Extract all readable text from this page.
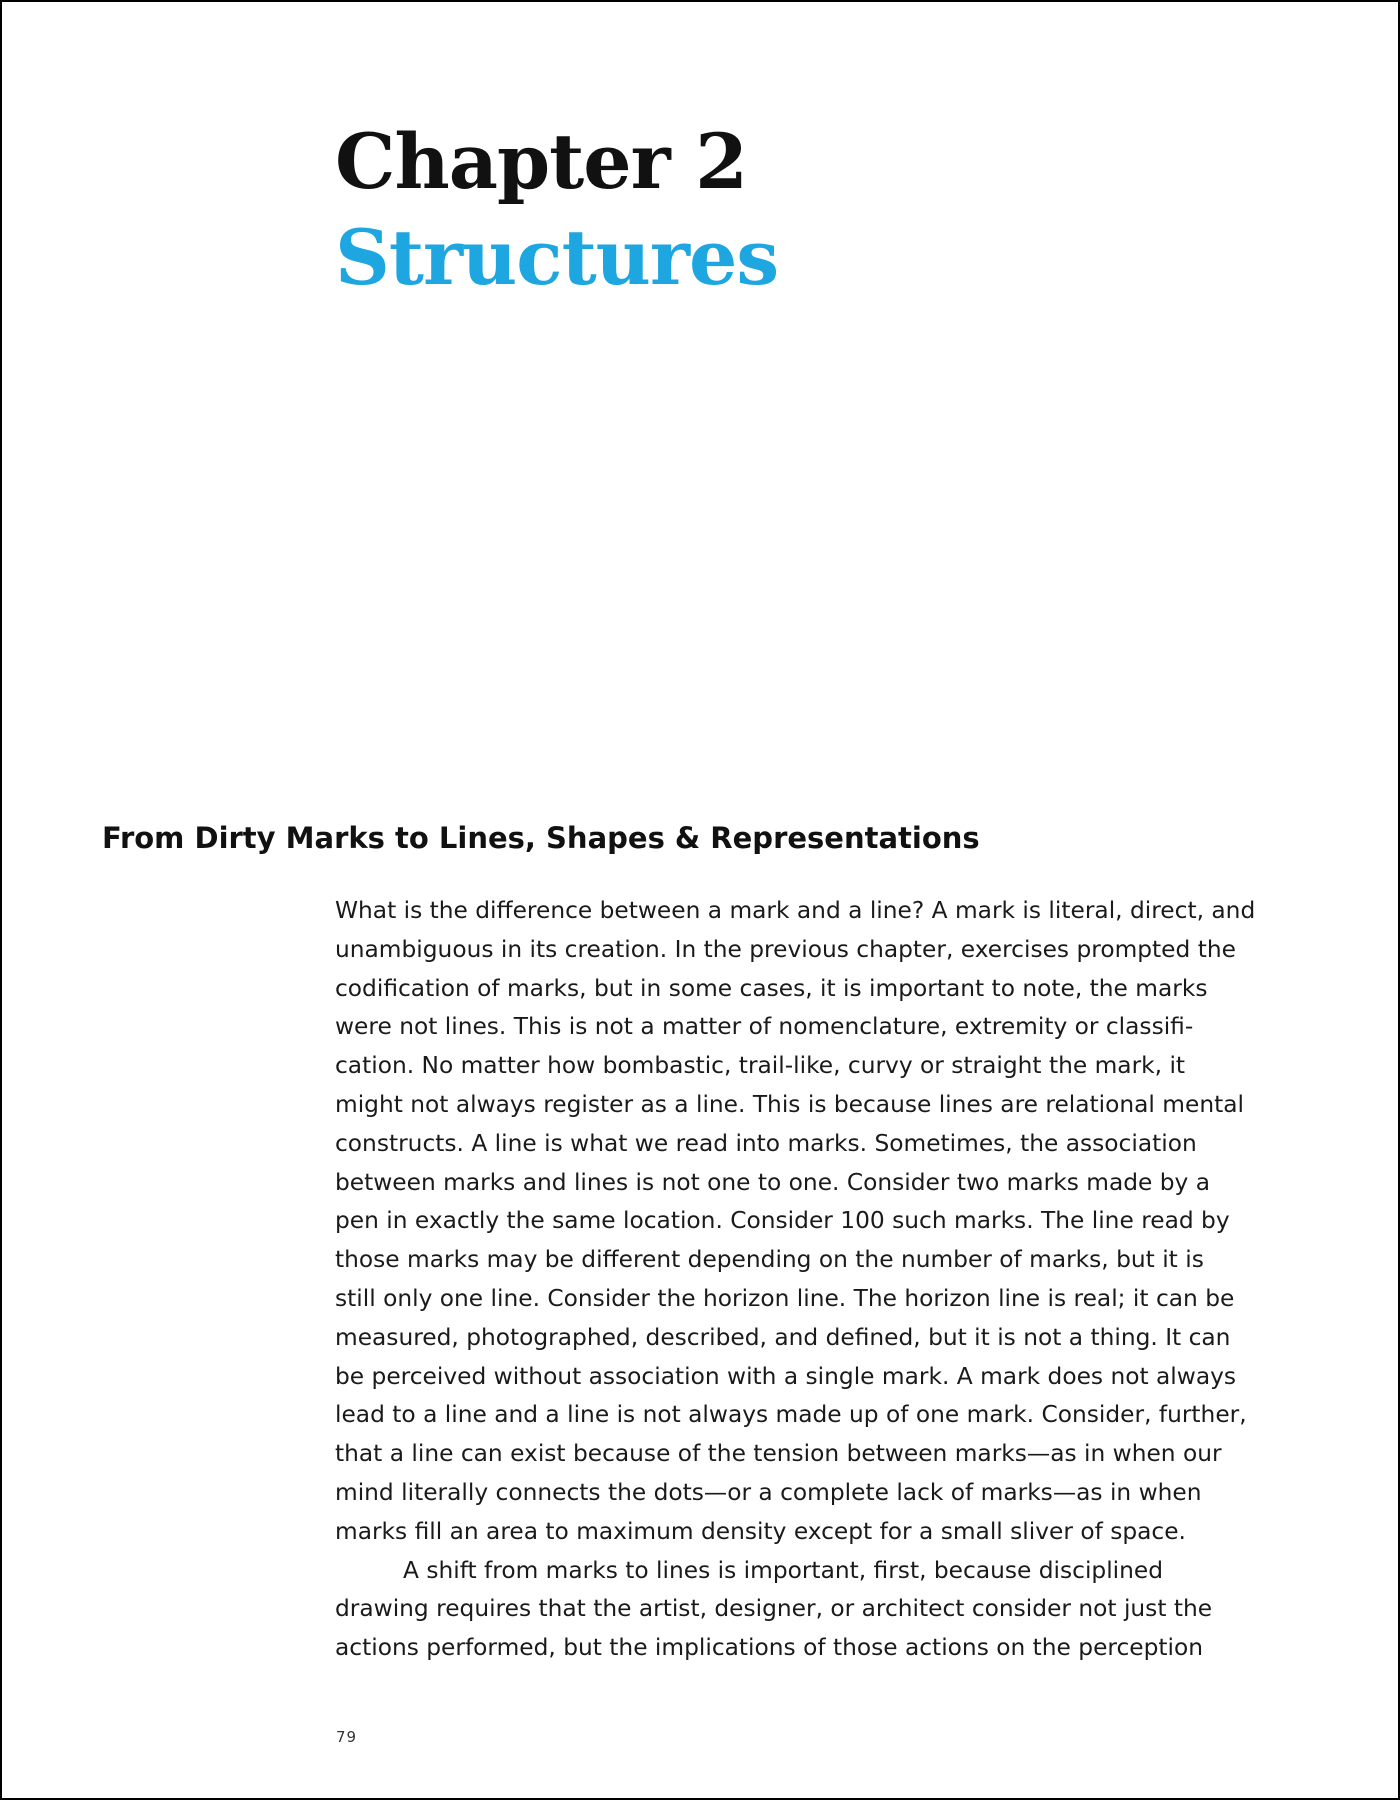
Chapter 2
Structures
From Dirty Marks to Lines, Shapes & Representations
What is the difference between a mark and a line? A mark is literal, direct, and
unambiguous in its creation. In the previous chapter, exercises prompted the
codification of marks, but in some cases, it is important to note, the marks
were not lines. This is not a matter of nomenclature, extremity or classifi-
cation. No matter how bombastic, trail-like, curvy or straight the mark, it
might not always register as a line. This is because lines are relational mental
constructs. A line is what we read into marks. Sometimes, the association
between marks and lines is not one to one. Consider two marks made by a
pen in exactly the same location. Consider 100 such marks. The line read by
those marks may be different depending on the number of marks, but it is
still only one line. Consider the horizon line. The horizon line is real; it can be
measured, photographed, described, and defined, but it is not a thing. It can
be perceived without association with a single mark. A mark does not always
lead to a line and a line is not always made up of one mark. Consider, further,
that a line can exist because of the tension between marks—as in when our
mind literally connects the dots—or a complete lack of marks—as in when
marks fill an area to maximum density except for a small sliver of space.
A shift from marks to lines is important, first, because disciplined
drawing requires that the artist, designer, or architect consider not just the
actions performed, but the implications of those actions on the perception
79
